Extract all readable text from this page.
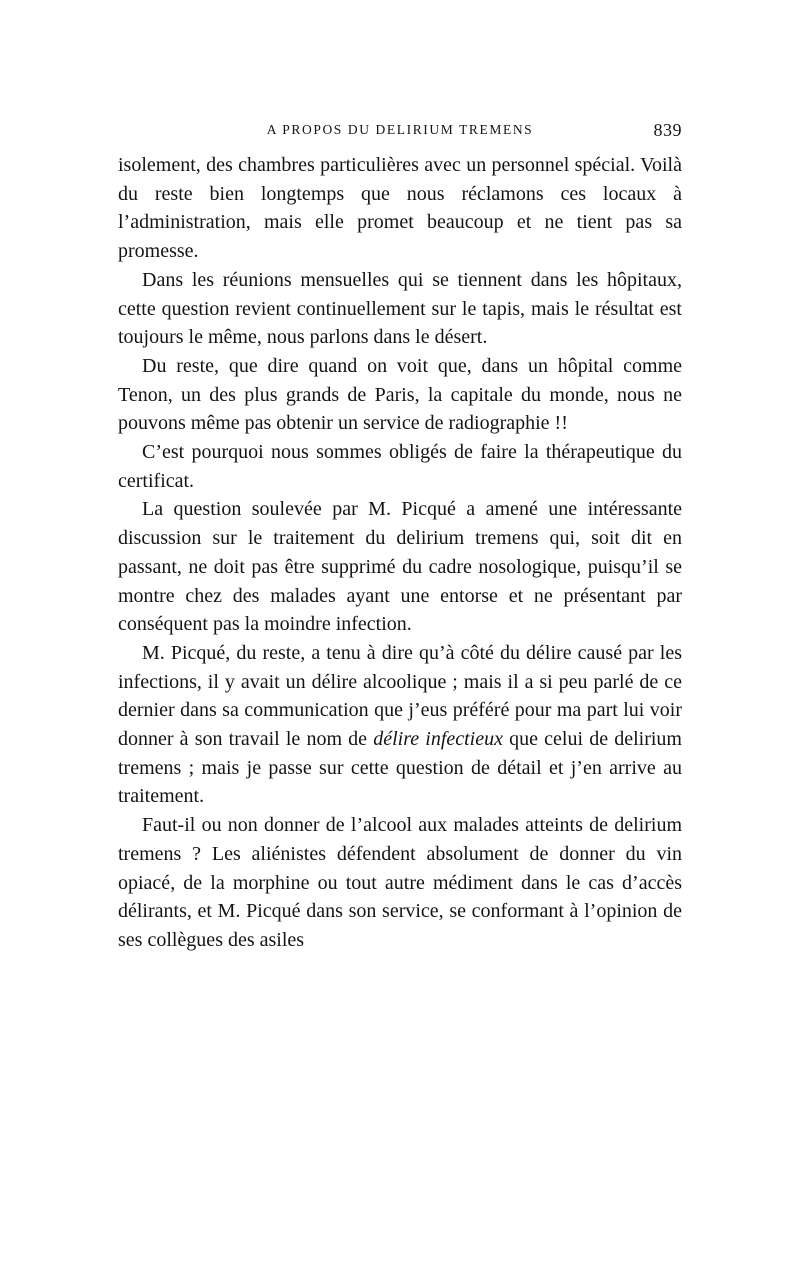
A PROPOS DU DELIRIUM TREMENS	839

isolement, des chambres particulières avec un personnel spécial. Voilà du reste bien longtemps que nous réclamons ces locaux à l’administration, mais elle promet beaucoup et ne tient pas sa promesse.

Dans les réunions mensuelles qui se tiennent dans les hôpitaux, cette question revient continuellement sur le tapis, mais le résultat est toujours le même, nous parlons dans le désert.

Du reste, que dire quand on voit que, dans un hôpital comme Tenon, un des plus grands de Paris, la capitale du monde, nous ne pouvons même pas obtenir un service de radiographie !!

C’est pourquoi nous sommes obligés de faire la thérapeutique du certificat.

La question soulevée par M. Picqué a amené une intéressante discussion sur le traitement du delirium tremens qui, soit dit en passant, ne doit pas être supprimé du cadre nosologique, puisqu’il se montre chez des malades ayant une entorse et ne présentant par conséquent pas la moindre infection.

M. Picqué, du reste, a tenu à dire qu’à côté du délire causé par les infections, il y avait un délire alcoolique ; mais il a si peu parlé de ce dernier dans sa communication que j’eus préféré pour ma part lui voir donner à son travail le nom de délire infectieux que celui de delirium tremens ; mais je passe sur cette question de détail et j’en arrive au traitement.

Faut-il ou non donner de l’alcool aux malades atteints de delirium tremens ? Les aliénistes défendent absolument de donner du vin opiacé, de la morphine ou tout autre médiment dans le cas d’accès délirants, et M. Picqué dans son service, se conformant à l’opinion de ses collègues des asiles
